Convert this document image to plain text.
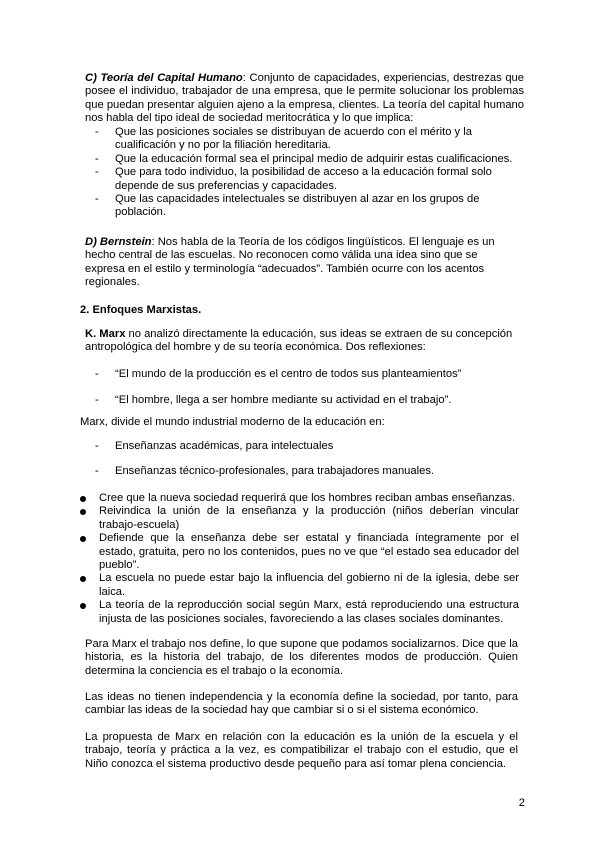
C) Teoría del Capital Humano: Conjunto de capacidades, experiencias, destrezas que posee el individuo, trabajador de una empresa, que le permite solucionar los problemas que puedan presentar alguien ajeno a la empresa, clientes. La teoría del capital humano nos habla del tipo ideal de sociedad meritocrática y lo que implica:

- Que las posiciones sociales se distribuyan de acuerdo con el mérito y la cualificación y no por la filiación hereditaria.
- Que la educación formal sea el principal medio de adquirir estas cualificaciones.
- Que para todo individuo, la posibilidad de acceso a la educación formal solo depende de sus preferencias y capacidades.
- Que las capacidades intelectuales se distribuyen al azar en los grupos de población.

D) Bernstein: Nos habla de la Teoría de los códigos lingüísticos. El lenguaje es un hecho central de las escuelas. No reconocen como válida una idea sino que se expresa en el estilo y terminología “adecuados”. También ocurre con los acentos regionales.

2. Enfoques Marxistas.

K. Marx no analizó directamente la educación, sus ideas se extraen de su concepción antropológica del hombre y de su teoría económica. Dos reflexiones:

- “El mundo de la producción es el centro de todos sus planteamientos”
- “El hombre, llega a ser hombre mediante su actividad en el trabajo”.

Marx, divide el mundo industrial moderno de la educación en:

- Enseñanzas académicas, para intelectuales
- Enseñanzas técnico-profesionales, para trabajadores manuales.
Cree que la nueva sociedad requerirá que los hombres reciban ambas enseñanzas.
Reivindica la unión de la enseñanza y la producción (niños deberían vincular trabajo-escuela)
Defiende que la enseñanza debe ser estatal y financiada íntegramente por el estado, gratuita, pero no los contenidos, pues no ve que “el estado sea educador del pueblo”.
La escuela no puede estar bajo la influencia del gobierno ni de la iglesia, debe ser laica.
La teoría de la reproducción social según Marx, está reproduciendo una estructura injusta de las posiciones sociales, favoreciendo a las clases sociales dominantes.

Para Marx el trabajo nos define, lo que supone que podamos socializarnos. Dice que la historia, es la historia del trabajo, de los diferentes modos de producción. Quien determina la conciencia es el trabajo o la economía.

Las ideas no tienen independencia y la economía define la sociedad, por tanto, para cambiar las ideas de la sociedad hay que cambiar si o si el sistema económico.

La propuesta de Marx en relación con la educación es la unión de la escuela y el trabajo, teoría y práctica a la vez, es compatibilizar el trabajo con el estudio, que el Niño conozca el sistema productivo desde pequeño para así tomar plena conciencia.

2
